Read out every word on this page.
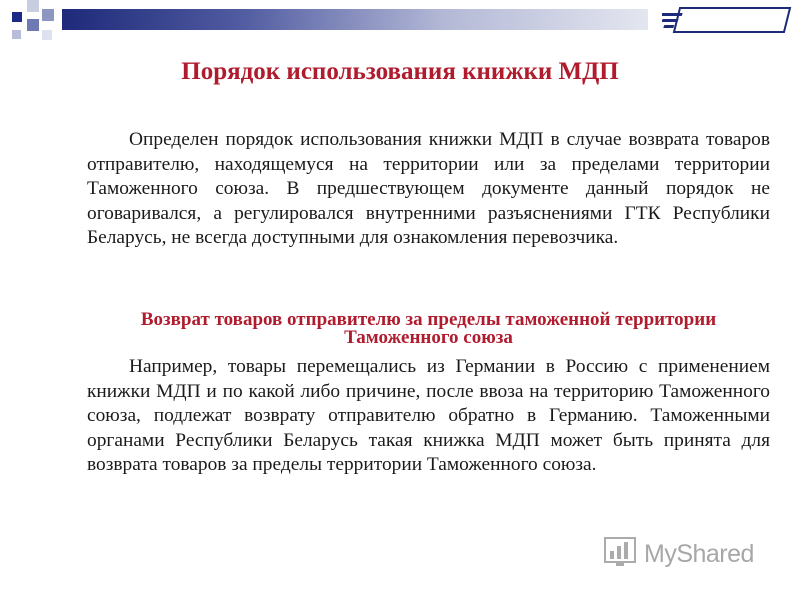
Порядок использования книжки МДП

Определен порядок использования книжки МДП в случае возврата товаров отправителю, находящемуся на территории или за пределами территории Таможенного союза. В предшествующем документе данный порядок не оговаривался, а регулировался внутренними разъяснениями ГТК Республики Беларусь, не всегда доступными для ознакомления перевозчика.

Возврат товаров отправителю за пределы таможенной территории Таможенного союза

Например, товары перемещались из Германии в Россию с применением книжки МДП и по какой либо причине, после ввоза на территорию Таможенного союза, подлежат возврату отправителю обратно в Германию. Таможенными органами Республики Беларусь такая книжка МДП может быть принята для возврата товаров за пределы территории Таможенного союза.

MyShared
